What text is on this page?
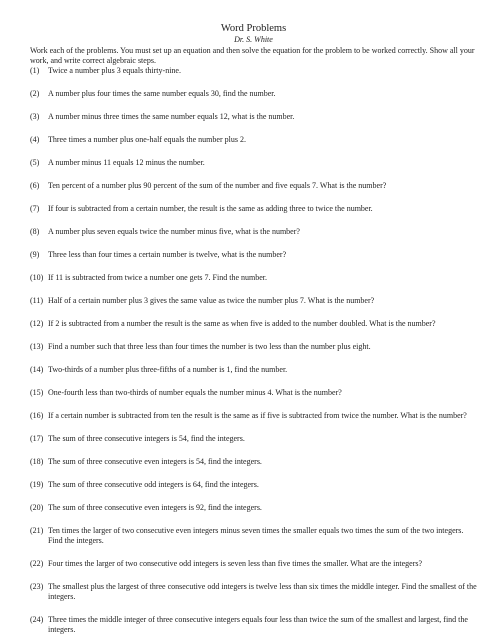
Word Problems
Dr. S. White

Work each of the problems. You must set up an equation and then solve the equation for the problem to be worked correctly. Show all your work, and write correct algebraic steps.

(1)	Twice a number plus 3 equals thirty-nine.
(2)	A number plus four times the same number equals 30, find the number.
(3)	A number minus three times the same number equals 12, what is the number.
(4)	Three times a number plus one-half equals the number plus 2.
(5)	A number minus 11 equals 12 minus the number.
(6)	Ten percent of a number plus 90 percent of the sum of the number and five equals 7. What is the number?
(7)	If four is subtracted from a certain number, the result is the same as adding three to twice the number.
(8)	A number plus seven equals twice the number minus five, what is the number?
(9)	Three less than four times a certain number is twelve, what is the number?
(10) If 11 is subtracted from twice a number one gets 7. Find the number.
(11) Half of a certain number plus 3 gives the same value as twice the number plus 7. What is the number?
(12) If 2 is subtracted from a number the result is the same as when five is added to the number doubled. What is the number?
(13) Find a number such that three less than four times the number is two less than the number plus eight.
(14) Two-thirds of a number plus three-fifths of a number is 1, find the number.
(15) One-fourth less than two-thirds of number equals the number minus 4. What is the number?
(16) If a certain number is subtracted from ten the result is the same as if five is subtracted from twice the number. What is the number?
(17) The sum of three consecutive integers is 54, find the integers.
(18) The sum of three consecutive even integers is 54, find the integers.
(19) The sum of three consecutive odd integers is 64, find the integers.
(20) The sum of three consecutive even integers is 92, find the integers.
(21) Ten times the larger of two consecutive even integers minus seven times the smaller equals two times the sum of the two integers. Find the integers.
(22) Four times the larger of two consecutive odd integers is seven less than five times the smaller. What are the integers?
(23) The smallest plus the largest of three consecutive odd integers is twelve less than six times the middle integer. Find the smallest of the integers.
(24) Three times the middle integer of three consecutive integers equals four less than twice the sum of the smallest and largest, find the integers.
